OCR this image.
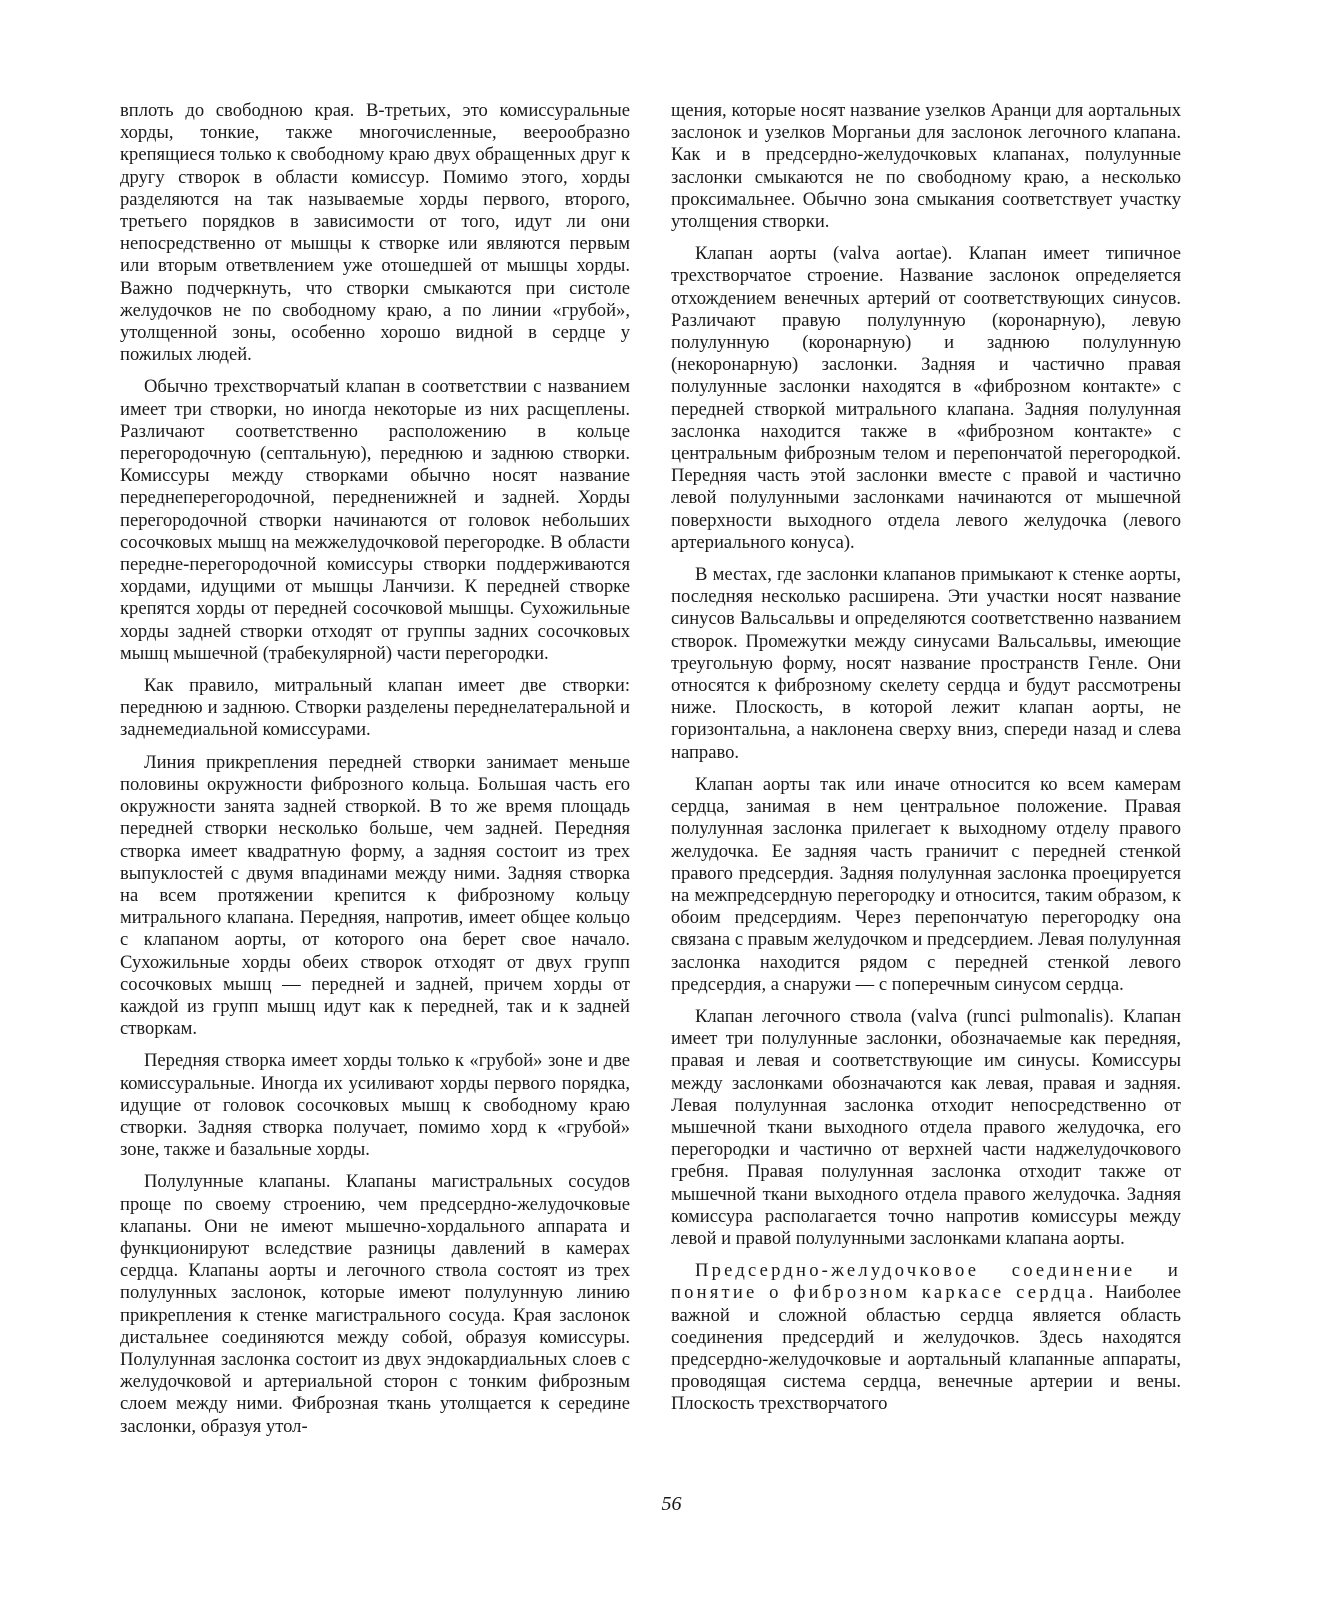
вплоть до свободною края. В-третьих, это комиссуральные хорды, тонкие, также многочисленные, веерообразно крепящиеся только к свободному краю двух обращенных друг к другу створок в области комиссур. Помимо этого, хорды разделяются на так называемые хорды первого, второго, третьего порядков в зависимости от того, идут ли они непосредственно от мышцы к створке или являются первым или вторым ответвлением уже отошедшей от мышцы хорды. Важно подчеркнуть, что створки смыкаются при систоле желудочков не по свободному краю, а по линии «грубой», утолщенной зоны, особенно хорошо видной в сердце у пожилых людей.

Обычно трехстворчатый клапан в соответствии с названием имеет три створки, но иногда некоторые из них расщеплены. Различают соответственно расположению в кольце перегородочную (септальную), переднюю и заднюю створки. Комиссуры между створками обычно носят название переднеперегородочной, передненижней и задней. Хорды перегородочной створки начинаются от головок небольших сосочковых мышц на межжелудочковой перегородке. В области передне-перегородочной комиссуры створки поддерживаются хордами, идущими от мышцы Ланчизи. К передней створке крепятся хорды от передней сосочковой мышцы. Сухожильные хорды задней створки отходят от группы задних сосочковых мышц мышечной (трабекулярной) части перегородки.

Как правило, митральный клапан имеет две створки: переднюю и заднюю. Створки разделены переднелатеральной и заднемедиальной комиссурами.

Линия прикрепления передней створки занимает меньше половины окружности фиброзного кольца. Большая часть его окружности занята задней створкой. В то же время площадь передней створки несколько больше, чем задней. Передняя створка имеет квадратную форму, а задняя состоит из трех выпуклостей с двумя впадинами между ними. Задняя створка на всем протяжении крепится к фиброзному кольцу митрального клапана. Передняя, напротив, имеет общее кольцо с клапаном аорты, от которого она берет свое начало. Сухожильные хорды обеих створок отходят от двух групп сосочковых мышц — передней и задней, причем хорды от каждой из групп мышц идут как к передней, так и к задней створкам.

Передняя створка имеет хорды только к «грубой» зоне и две комиссуральные. Иногда их усиливают хорды первого порядка, идущие от головок сосочковых мышц к свободному краю створки. Задняя створка получает, помимо хорд к «грубой» зоне, также и базальные хорды.

Полулунные клапаны. Клапаны магистральных сосудов проще по своему строению, чем предсердно-желудочковые клапаны. Они не имеют мышечно-хордального аппарата и функционируют вследствие разницы давлений в камерах сердца. Клапаны аорты и легочного ствола состоят из трех полулунных заслонок, которые имеют полулунную линию прикрепления к стенке магистрального сосуда. Края заслонок дистальнее соединяются между собой, образуя комиссуры. Полулунная заслонка состоит из двух эндокардиальных слоев с желудочковой и артериальной сторон с тонким фиброзным слоем между ними. Фиброзная ткань утолщается к середине заслонки, образуя утол-

щения, которые носят название узелков Аранци для аортальных заслонок и узелков Морганьи для заслонок легочного клапана. Как и в предсердно-желудочковых клапанах, полулунные заслонки смыкаются не по свободному краю, а несколько проксимальнее. Обычно зона смыкания соответствует участку утолщения створки.

Клапан аорты (valva aortae). Клапан имеет типичное трехстворчатое строение. Название заслонок определяется отхождением венечных артерий от соответствующих синусов. Различают правую полулунную (коронарную), левую полулунную (коронарную) и заднюю полулунную (некоронарную) заслонки. Задняя и частично правая полулунные заслонки находятся в «фиброзном контакте» с передней створкой митрального клапана. Задняя полулунная заслонка находится также в «фиброзном контакте» с центральным фиброзным телом и перепончатой перегородкой. Передняя часть этой заслонки вместе с правой и частично левой полулунными заслонками начинаются от мышечной поверхности выходного отдела левого желудочка (левого артериального конуса).

В местах, где заслонки клапанов примыкают к стенке аорты, последняя несколько расширена. Эти участки носят название синусов Вальсальвы и определяются соответственно названием створок. Промежутки между синусами Вальсальвы, имеющие треугольную форму, носят название пространств Генле. Они относятся к фиброзному скелету сердца и будут рассмотрены ниже. Плоскость, в которой лежит клапан аорты, не горизонтальна, а наклонена сверху вниз, спереди назад и слева направо.

Клапан аорты так или иначе относится ко всем камерам сердца, занимая в нем центральное положение. Правая полулунная заслонка прилегает к выходному отделу правого желудочка. Ее задняя часть граничит с передней стенкой правого предсердия. Задняя полулунная заслонка проецируется на межпредсердную перегородку и относится, таким образом, к обоим предсердиям. Через перепончатую перегородку она связана с правым желудочком и предсердием. Левая полулунная заслонка находится рядом с передней стенкой левого предсердия, а снаружи — с поперечным синусом сердца.

Клапан легочного ствола (valva (runci pulmonalis). Клапан имеет три полулунные заслонки, обозначаемые как передняя, правая и левая и соответствующие им синусы. Комиссуры между заслонками обозначаются как левая, правая и задняя. Левая полулунная заслонка отходит непосредственно от мышечной ткани выходного отдела правого желудочка, его перегородки и частично от верхней части наджелудочкового гребня. Правая полулунная заслонка отходит также от мышечной ткани выходного отдела правого желудочка. Задняя комиссура располагается точно напротив комиссуры между левой и правой полулунными заслонками клапана аорты.

Предсердно-желудочковое соединение и понятие о фиброзном каркасе сердца. Наиболее важной и сложной областью сердца является область соединения предсердий и желудочков. Здесь находятся предсердно-желудочковые и аортальный клапанные аппараты, проводящая система сердца, венечные артерии и вены. Плоскость трехстворчатого

56
